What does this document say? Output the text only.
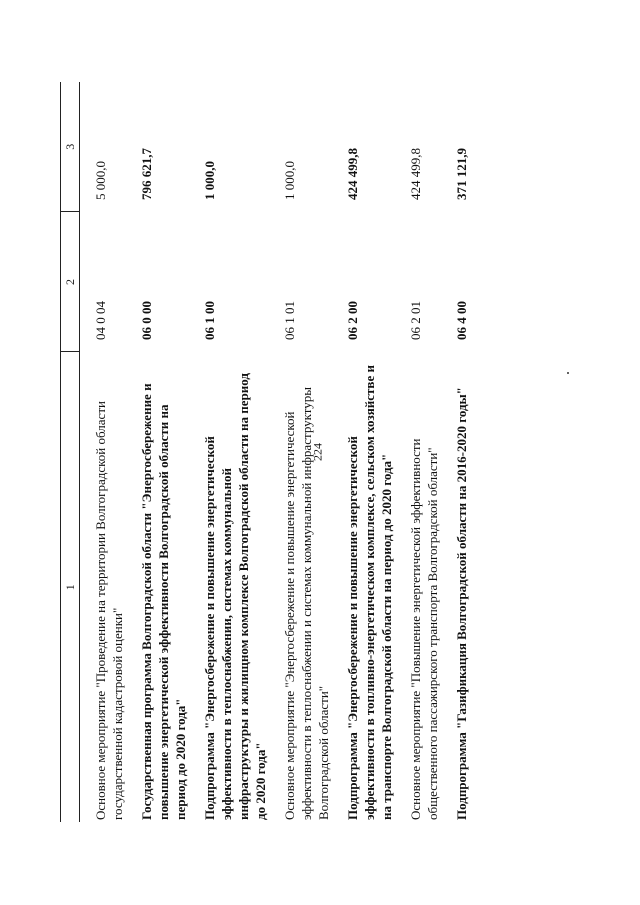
224
1	2	3
Основное мероприятие "Проведение на территории Волгоградской области государственной кадастровой оценки"	04 0 04	5 000,0
Государственная программа Волгоградской области "Энергосбережение и повышение энергетической эффективности Волгоградской области на период до 2020 года"	06 0 00	796 621,7
Подпрограмма "Энергосбережение и повышение энергетической эффективности в теплоснабжении, системах коммунальной инфраструктуры и жилищном комплексе Волгоградской области на период до 2020 года"	06 1 00	1 000,0
Основное мероприятие "Энергосбережение и повышение энергетической эффективности в теплоснабжении и системах коммунальной инфраструктуры Волгоградской области"	06 1 01	1 000,0
Подпрограмма "Энергосбережение и повышение энергетической эффективности в топливно-энергетическом комплексе, сельском хозяйстве и на транспорте Волгоградской области на период до 2020 года"	06 2 00	424 499,8
Основное мероприятие "Повышение энергетической эффективности общественного пассажирского транспорта Волгоградской области"	06 2 01	424 499,8
Подпрограмма "Газификация Волгоградской области на 2016-2020 годы"	06 4 00	371 121,9
